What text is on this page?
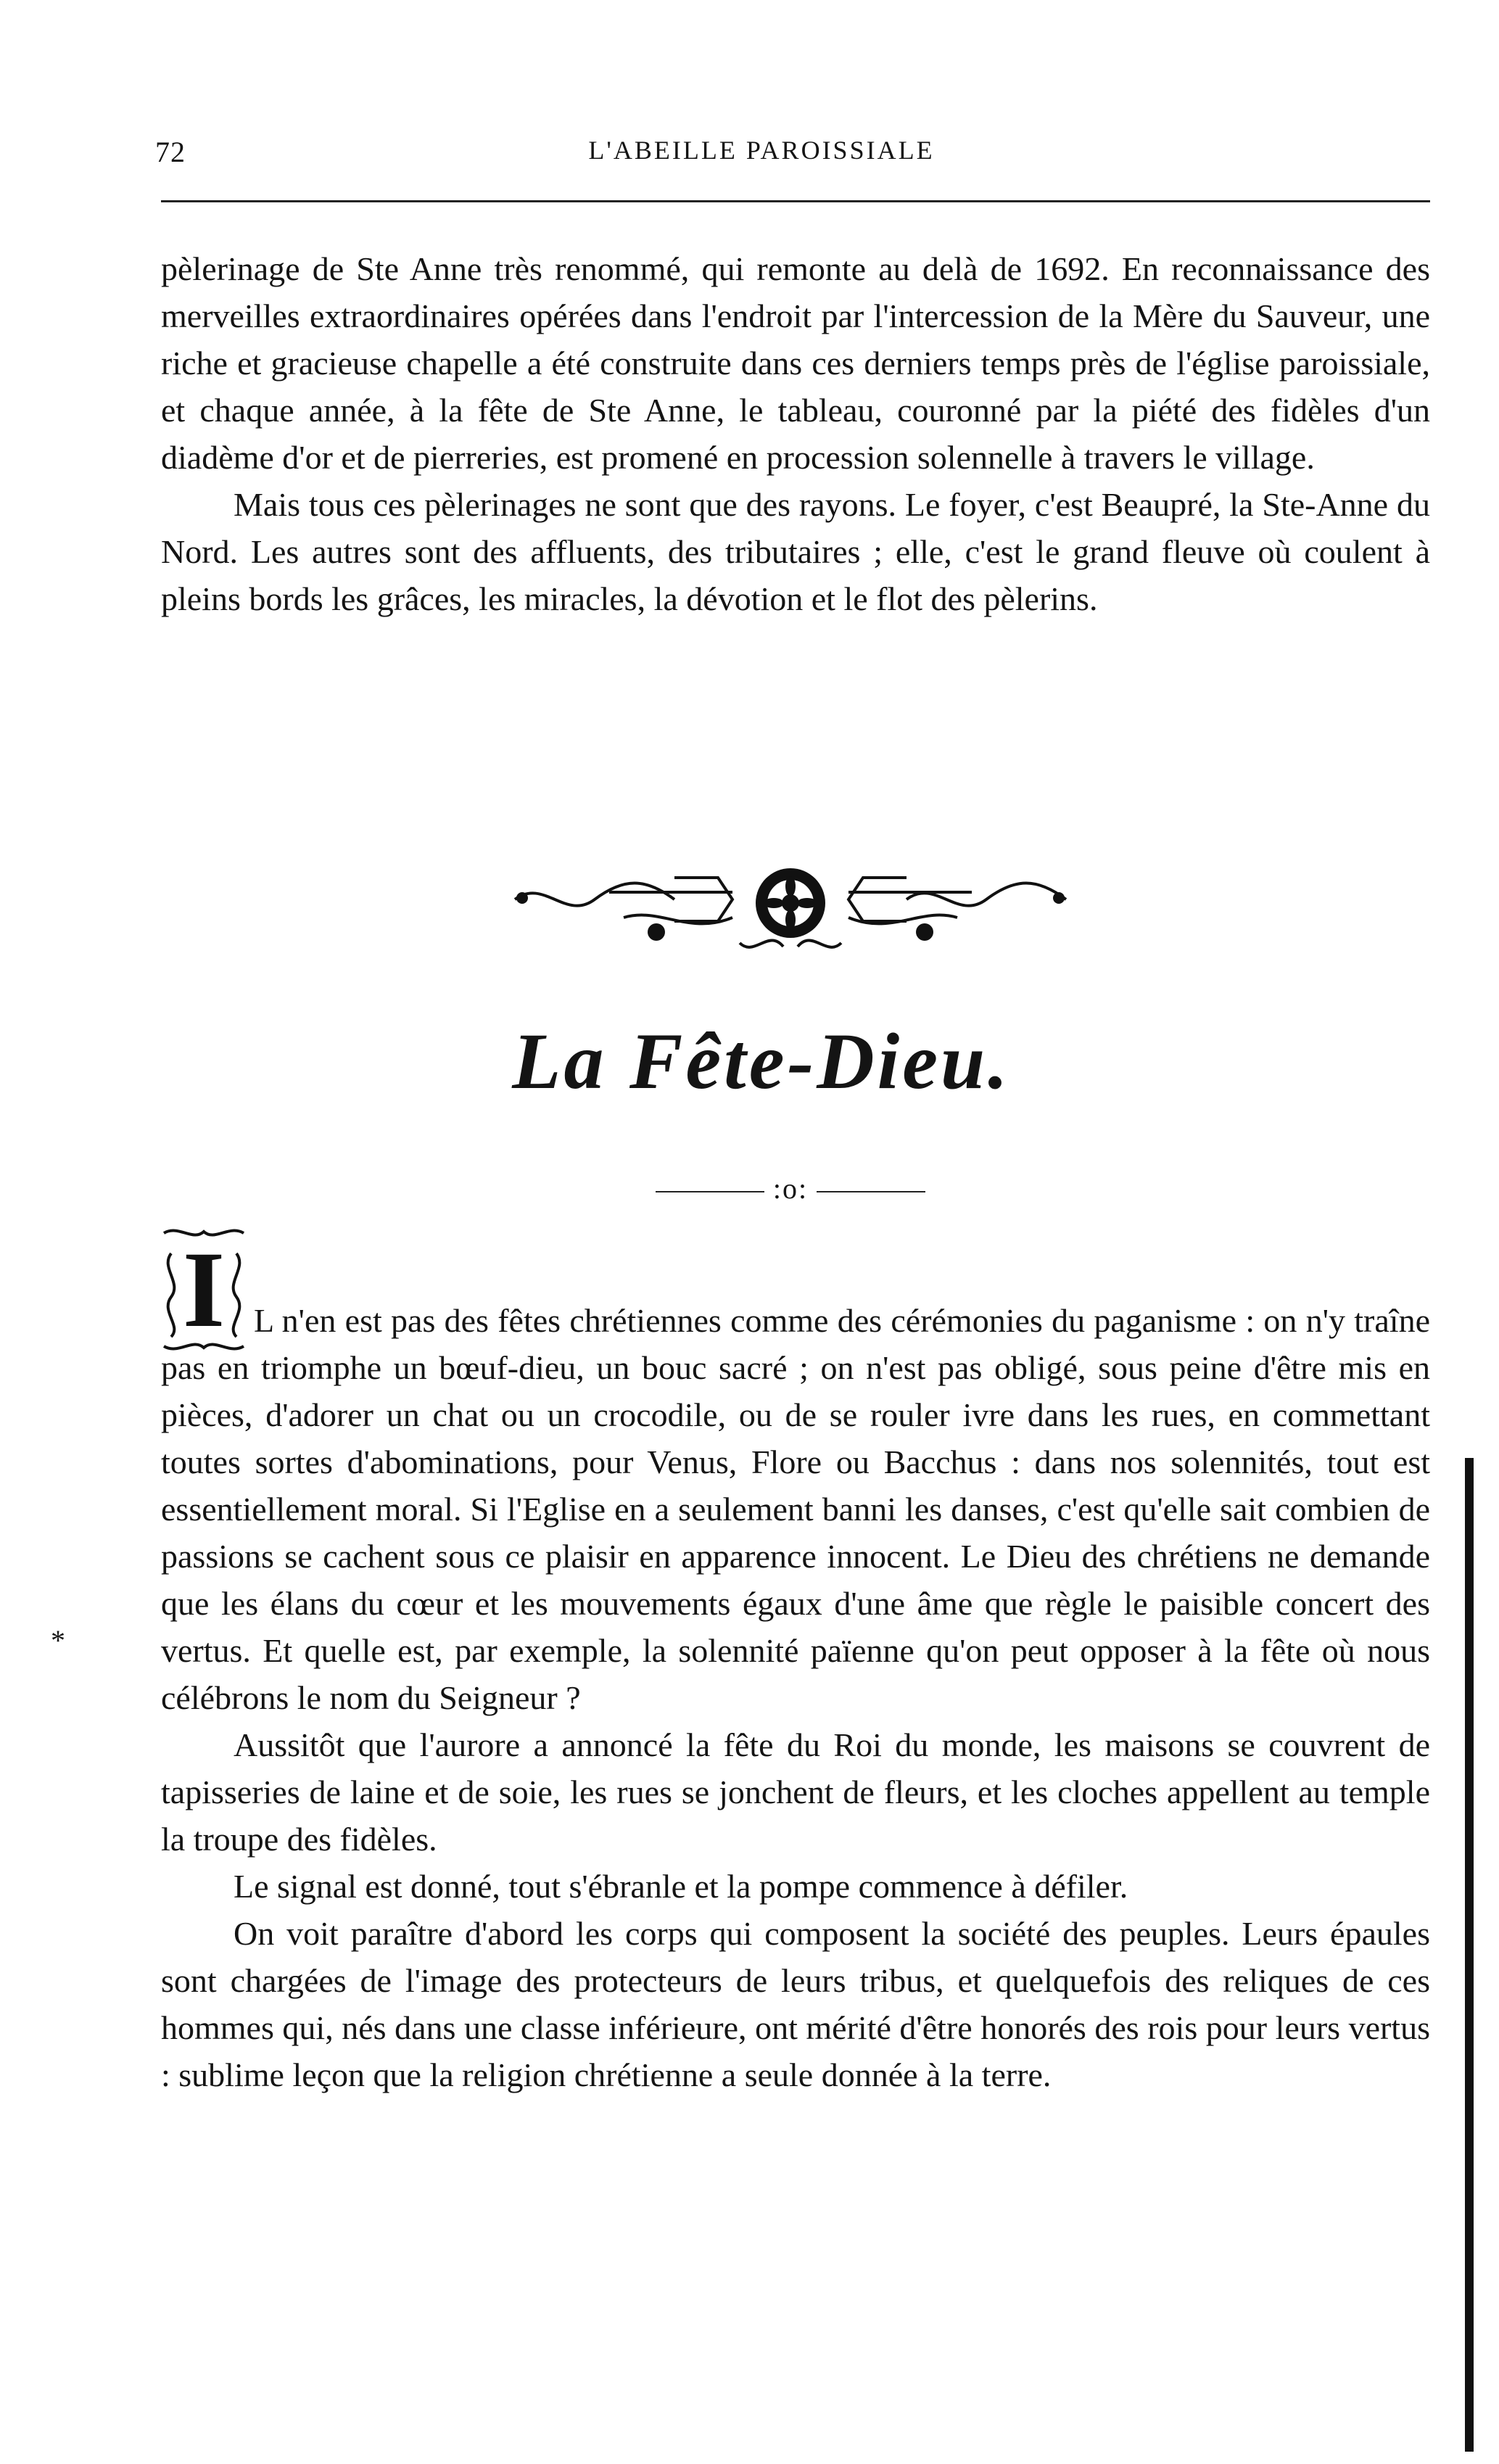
72	L'ABEILLE PAROISSIALE

pèlerinage de Ste Anne très renommé, qui remonte au delà de 1692. En reconnaissance des merveilles extraordinaires opérées dans l'endroit par l'intercession de la Mère du Sauveur, une riche et gracieuse chapelle a été construite dans ces derniers temps près de l'église paroissiale, et chaque année, à la fête de Ste Anne, le tableau, couronné par la piété des fidèles d'un diadème d'or et de pierreries, est promené en procession solennelle à travers le village.

Mais tous ces pèlerinages ne sont que des rayons. Le foyer, c'est Beaupré, la Ste-Anne du Nord. Les autres sont des affluents, des tributaires ; elle, c'est le grand fleuve où coulent à pleins bords les grâces, les miracles, la dévotion et le flot des pèlerins.

La Fête-Dieu.
:o:
I L n'en est pas des fêtes chrétiennes comme des cérémonies du paganisme : on n'y traîne pas en triomphe un bœuf-dieu, un bouc sacré ; on n'est pas obligé, sous peine d'être mis en pièces, d'adorer un chat ou un crocodile, ou de se rouler ivre dans les rues, en commettant toutes sortes d'abominations, pour Venus, Flore ou Bacchus : dans nos solennités, tout est essentiellement moral. Si l'Eglise en a seulement banni les danses, c'est qu'elle sait combien de passions se cachent sous ce plaisir en apparence innocent. Le Dieu des chrétiens ne demande que les élans du cœur et les mouvements égaux d'une âme que règle le paisible concert des vertus. Et quelle est, par exemple, la solennité païenne qu'on peut opposer à la fête où nous célébrons le nom du Seigneur ?

Aussitôt que l'aurore a annoncé la fête du Roi du monde, les maisons se couvrent de tapisseries de laine et de soie, les rues se jonchent de fleurs, et les cloches appellent au temple la troupe des fidèles.

Le signal est donné, tout s'ébranle et la pompe commence à défiler.

On voit paraître d'abord les corps qui composent la société des peuples. Leurs épaules sont chargées de l'image des protecteurs de leurs tribus, et quelquefois des reliques de ces hommes qui, nés dans une classe inférieure, ont mérité d'être honorés des rois pour leurs vertus : sublime leçon que la religion chrétienne a seule donnée à la terre.

*
